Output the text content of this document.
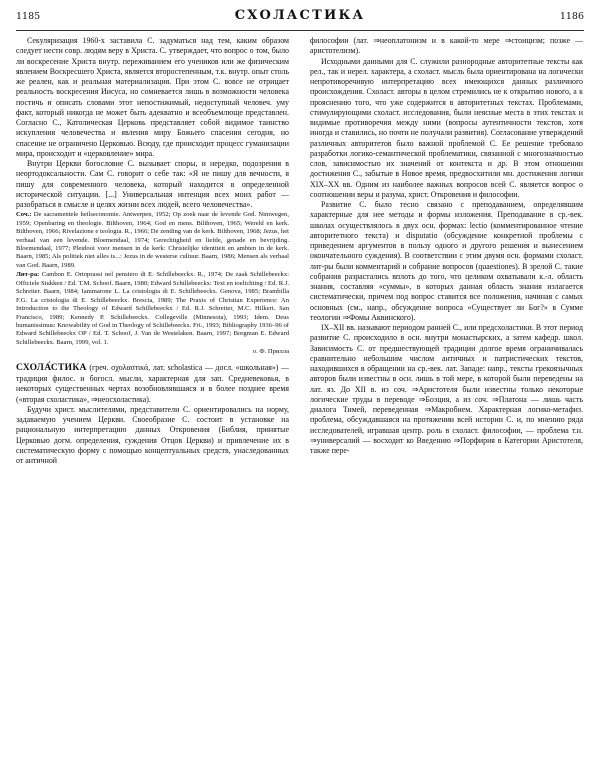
1185	СХОЛАСТИКА	1186

Секуляризация 1960-х заставила С. задуматься над тем, каким образом следует нести совр. людям веру в Христа. С. утверждает, что вопрос о том, было ли воскресение Христа внутр. переживанием его учеников или же физическим явлением Воскресшего Христа, является второстепенным, т.к. внутр. опыт столь же реален, как и реальная материализация. При этом С. вовсе не отрицает реальность воскресения Иисуса, но сомневается лишь в возможности человека постичь и описать словами этот непостижимый, недоступный человеч. уму факт, который никогда не может быть адекватно и всеобъемлюще представлен. Согласно С., Католическая Церковь представляет собой видимое таинство искупления человечества и явления миру Божьего спасения сегодня, но спасение не ограничено Церковью. Всюду, где происходит процесс гуманизации мира, происходит и «церковление» мира.

Внутри Церкви богословие С. вызывает споры, и нередко, подозрения в неортодоксальности. Сам С. говорит о себе так: «Я не пишу для вечности, я пишу для современного человека, который находится в определенной исторической ситуации. [...] Универсальная интенция всех моих работ — разобраться в смысле и целях жизни всех людей, всего человечества».

Соч.: De sacramentele heilseconomie. Antwerpen, 1952; Op zoek naar de levende God. Nimwegen, 1959; Openbaring en theologie. Bilthoven, 1964; God en mens. Bilthoven, 1965; Wereld en kerk. Bilthoven, 1966; Rivelazione e teologia. R., 1966; De zending van de kerk. Bilthoven, 1968; Jezus, het verhaal van een levende. Bloemendaal, 1974; Gerechtigheid en liefde, genade en bevrijding. Bloemendaal, 1977; Pleidooi voor mensen in de kerk: Christelijke identiteit en ambten in de kerk. Baarn, 1985; Als politiek niet alles is...: Jezus in de westerse cultuur. Baarn, 1986; Mensen als verhaal van God. Baarn, 1989.

Лит-ра: Cambon E. Ortoprassi nel pensiero di E. Schillebeeckx. R., 1974; De zaak Schillebeeckx: Officiele Stukken / Ed. T.M. Schoof. Baarn, 1980; Edward Schillebeeckx: Text en toelichting / Ed. R.J. Schreiter. Baarn, 1984; Iammarone L. La cristologia di E. Schillebeeckx. Genova, 1985; Brambilla F.G. La cristologia di E. Schillebeeckx. Brescia, 1989; The Praxis of Christian Experience: An Introduction to the Theology of Edward Schillebeeckx / Ed. R.J. Schreiter, M.C. Hilkert. San Francisco, 1989; Kennedy P. Schillebeeckx. Collegeville (Minnesota), 1993; Idem. Deus humanissimus: Knowability of God in Theology of Schillebeeckx. Fri., 1993; Bibliography 1936–96 of Edward Schillebeeckx OP / Ed. T. Schoof, J. Van de Westelaken. Baarn, 1997; Borgman E. Edward Schillebeeckx. Baarn, 1999, vol. 1.

о. Ф. Прилла

СХОЛА́СТИКА (греч. σχολαστικά, лат. scholastica — досл. «школьная») — традиция филос. и богосл. мысли, характерная для зап. Средневековья, в некоторых существенных чертах возобновлявшаяся и в более позднее время («вторая схоластика», ⇒неосхоластика).

Будучи христ. мыслителями, представители С. ориентировались на норму, задаваемую учением Церкви. Своеобразие С. состоит в установке на рациональную интерпретацию данных Откровения (Библия, принятые Церковью догм. определения, суждения Отцов Церкви) и привлечение их в систематическую форму с помощью концептуальных средств, унаследованных от античной

философии (лат. ⇒неоплатонизм и в какой-то мере ⇒стоицизм; позже — аристотелизм).

Исходными данными для С. служили разнородные авторитетные тексты как рел., так и нерел. характера, а схоласт. мысль была ориентирована на логически непротиворечивую интерпретацию всех имеющихся данных различного происхождения. Схоласт. авторы в целом стремились не к открытию нового, а к прояснению того, что уже содержится в авторитетных текстах. Проблемами, стимулирующими схоласт. исследования, были неясные места в этих текстах и видимые противоречия между ними (вопросы аутентичности текстов, хотя иногда и ставились, но почти не получали развития). Согласование утверждений различных авторитетов было важной проблемой С. Ее решение требовало разработки логико-семантической проблематики, связанной с многозначностью слов, зависимостью их значений от контекста и др. В этом отношении достижения С., забытые в Новое время, предвосхитили мн. достижения логики XIX–XX вв. Одним из наиболее важных вопросов всей С. является вопрос о соотношении веры и разума, христ. Откровения и философии.

Развитие С. было тесно связано с преподаванием, определявшим характерные для нее методы и формы изложения. Преподавание в ср.-век. школах осуществлялось в двух осн. формах: lectio (комментированное чтение авторитетного текста) и disputatio (обсуждение конкретной проблемы с приведением аргументов в пользу одного и другого решения и вынесением окончательного суждения). В соответствии с этим двумя осн. формами схоласт. лит-ры были комментарий и собрание вопросов (quaestiones). В зрелой С. такие собрания разрастались вплоть до того, что целиком охватывали к.-л. область знания, составляя «суммы», в которых данная область знания излагается систематически, причем под вопрос ставится все положения, начиная с самых основных (см., напр., обсуждение вопроса «Существует ли Бог?» в Сумме теологии ⇒Фомы Аквинского).

IX–XII вв. называют периодом ранней С., или предсхоластики. В этот период развитие С. происходило в осн. внутри монастырских, а затем кафедр. школ. Зависимость С. от предшествующей традиции долгое время ограничивалась сравнительно небольшим числом античных и патристических текстов, находившихся в обращении на ср.-век. лат. Западе: напр., тексты грекоязычных авторов были известны в осн. лишь в той мере, в которой были переведены на лат. яз. До XII в. из соч. ⇒Аристотеля были известны только некоторые логические труды в переводе ⇒Боэция, а из соч. ⇒Платона — лишь часть диалога Тимей, переведенная ⇒Макробием. Характерная логико-метафиз. проблема, обсуждавшаяся на протяжении всей истории С. и, по мнению ряда исследователей, игравшая центр. роль в схоласт. философии, — проблема т.н. ⇒универсалий — восходит ко Введению ⇒Порфирия в Категории Аристотеля, также пере-
